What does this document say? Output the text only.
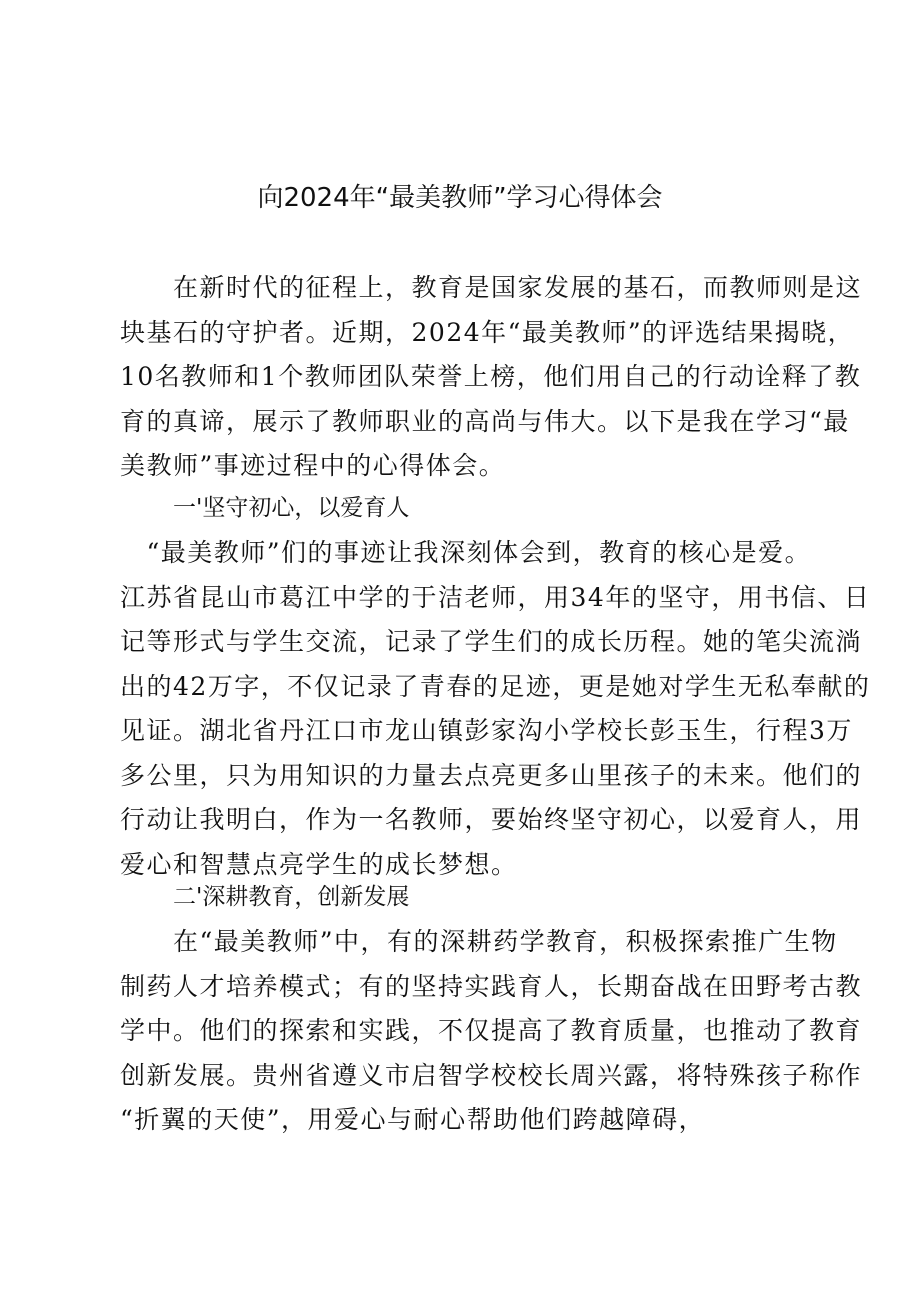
向2024年“最美教师”学习心得体会
　　在新时代的征程上，教育是国家发展的基石，而教师则是这
块基石的守护者。近期，2024年“最美教师”的评选结果揭晓，
10名教师和1个教师团队荣誉上榜，他们用自己的行动诠释了教
育的真谛，展示了教师职业的高尚与伟大。以下是我在学习“最
美教师”事迹过程中的心得体会。
一'坚守初心，以爱育人
　“最美教师”们的事迹让我深刻体会到，教育的核心是爱。
江苏省昆山市葛江中学的于洁老师，用34年的坚守，用书信、日
记等形式与学生交流，记录了学生们的成长历程。她的笔尖流淌
出的42万字，不仅记录了青春的足迹，更是她对学生无私奉献的
见证。湖北省丹江口市龙山镇彭家沟小学校长彭玉生，行程3万
多公里，只为用知识的力量去点亮更多山里孩子的未来。他们的
行动让我明白，作为一名教师，要始终坚守初心，以爱育人，用
爱心和智慧点亮学生的成长梦想。
二'深耕教育，创新发展
　　在“最美教师”中，有的深耕药学教育，积极探索推广生物
制药人才培养模式；有的坚持实践育人，长期奋战在田野考古教
学中。他们的探索和实践，不仅提高了教育质量，也推动了教育
创新发展。贵州省遵义市启智学校校长周兴露，将特殊孩子称作
“折翼的天使”，用爱心与耐心帮助他们跨越障碍，
